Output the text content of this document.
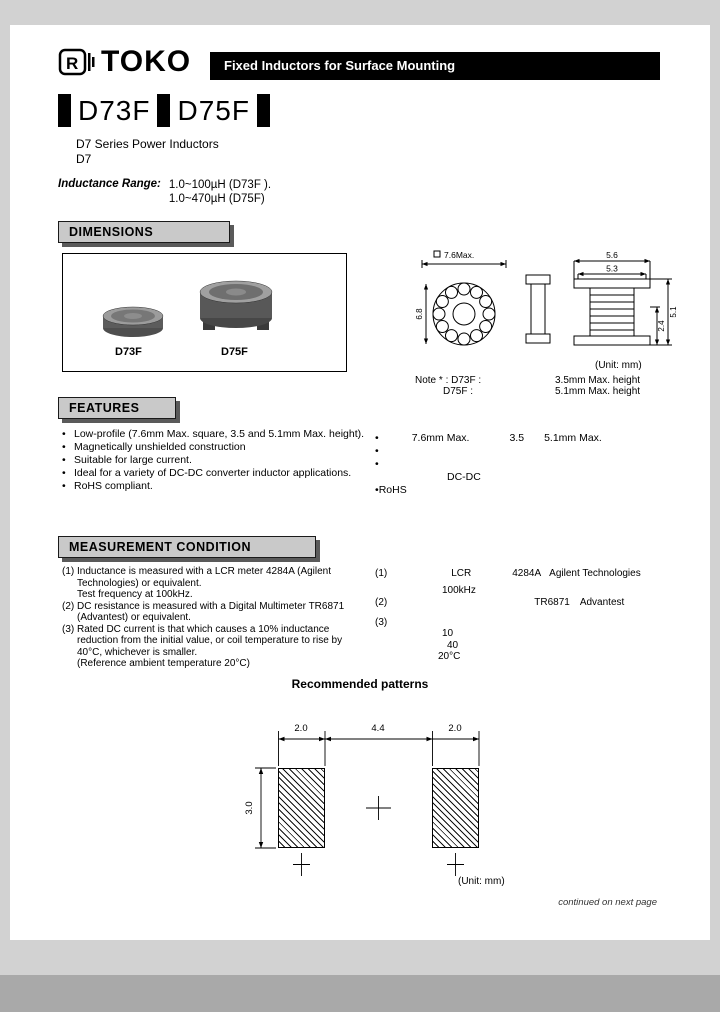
R TOKO	Fixed Inductors for Surface Mounting
D73F D75F
D7 Series Power Inductors
D7
Inductance Range: 1.0~100µH (D73F ).
1.0~470µH (D75F)
DIMENSIONS
D73F	D75F
7.6Max.
6.8
5.6
5.3
2.4
5.1
(Unit: mm)
Note * : D73F :	3.5mm Max. height
D75F :	5.1mm Max. height
FEATURES
•
Low-profile (7.6mm Max. square, 3.5 and 5.1mm Max. height).
•
Magnetically unshielded construction
•
Suitable for large current.
•
Ideal for a variety of DC-DC converter inductor applications.
•
RoHS compliant.
• 7.6mm Max.	3.5 5.1mm Max.
•
•
DC-DC
• RoHS
MEASUREMENT CONDITION
(1) Inductance is measured with a LCR meter 4284A (Agilent Technologies) or equivalent.
Test frequency at 100kHz.
(2) DC resistance is measured with a Digital Multimeter TR6871 (Advantest) or equivalent.
(3) Rated DC current is that which causes a 10% inductance reduction from the initial value, or coil temperature to rise by 40°C, whichever is smaller.
(Reference ambient temperature 20°C)
(1)	LCR	4284A Agilent Technologies
100kHz
(2)	TR6871 Advantest
(3)
10
40
20°C
Recommended patterns
2.0	4.4	2.0
3.0
(Unit: mm)
continued on next page
